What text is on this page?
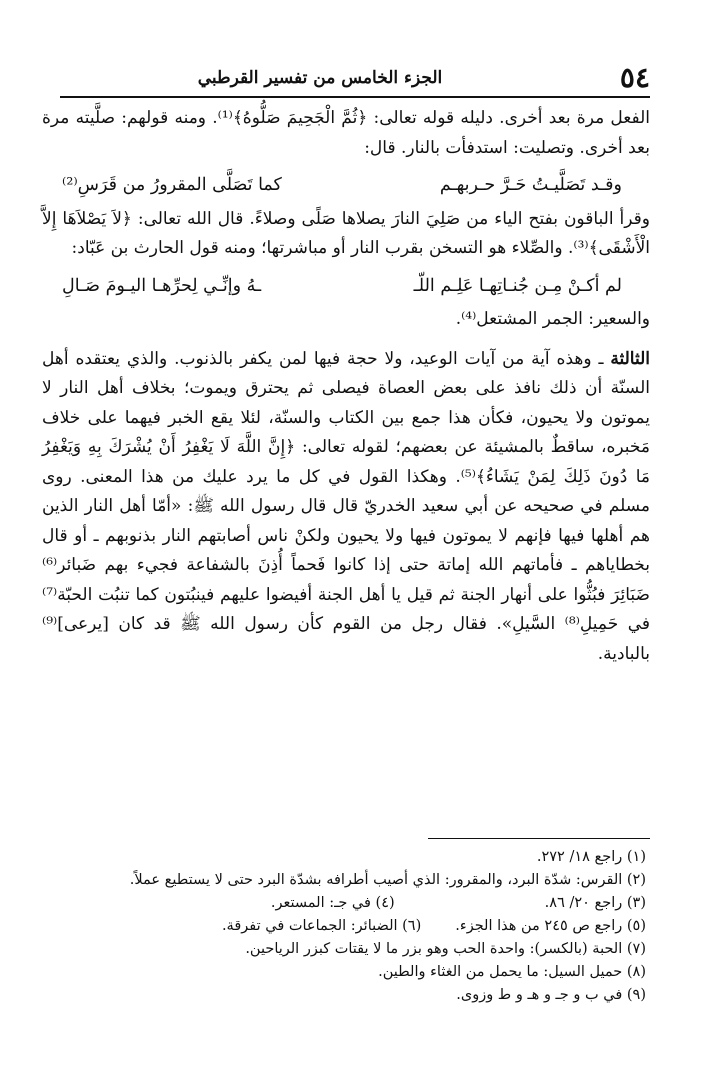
٥٤
الجزء الخامس من تفسير القرطبي

الفعل مرة بعد أخرى. دليله قوله تعالى: ﴿ثُمَّ الْجَحِيمَ صَلُّوهُ﴾⁽¹⁾. ومنه قولهم: صلَّيته مرة بعد أخرى. وتصليت: استدفأت بالنار. قال:

وقـد تَصَلَّيـتُ حَـرَّ حـربهـم
كما تَصَلَّى المقرورُ من قَرَسِ⁽²⁾

وقرأ الباقون بفتح الياء من صَلِيَ النارَ يصلاها صَلًى وصلاءً. قال الله تعالى: ﴿لاَ يَصْلاَهَا إِلاَّ الْأَشْقَى﴾⁽³⁾. والصِّلاء هو التسخن بقرب النار أو مباشرتها؛ ومنه قول الحارث بن عَبّاد:

لم أكـنْ مِـن جُنـاتِهـا عَلِـم اللّـ
ـهُ وإنِّـي لِحرِّهـا اليـومَ صَـالِ

والسعير: الجمر المشتعل⁽⁴⁾.

الثالثة ـ وهذه آية من آيات الوعيد، ولا حجة فيها لمن يكفر بالذنوب. والذي يعتقده أهل السنّة أن ذلك نافذ على بعض العصاة فيصلى ثم يحترق ويموت؛ بخلاف أهل النار لا يموتون ولا يحيون، فكأن هذا جمع بين الكتاب والسنّة، لئلا يقع الخبر فيهما على خلاف مَخبره، ساقطٌ بالمشيئة عن بعضهم؛ لقوله تعالى: ﴿إِنَّ اللَّهَ لَا يَغْفِرُ أَنْ يُشْرَكَ بِهِ وَيَغْفِرُ مَا دُونَ ذَلِكَ لِمَنْ يَشَاءُ﴾⁽⁵⁾. وهكذا القول في كل ما يرد عليك من هذا المعنى. روى مسلم في صحيحه عن أبي سعيد الخدريّ قال قال رسول الله ﷺ: «أمّا أهل النار الذين هم أهلها فيها فإنهم لا يموتون فيها ولا يحيون ولكنْ ناس أصابتهم النار بذنوبهم ـ أو قال بخطاياهم ـ فأماتهم الله إماتة حتى إذا كانوا فَحماً أُذِنَ بالشفاعة فجيء بهم ضَبائر⁽⁶⁾ ضَبَائِرَ فبُثُّوا على أنهار الجنة ثم قيل يا أهل الجنة أفيضوا عليهم فينبُتون كما تنبُت الحبّة⁽⁷⁾ في حَمِيلِ⁽⁸⁾ السَّيلِ». فقال رجل من القوم كأن رسول الله ﷺ قد كان [يرعى]⁽⁹⁾ بالبادية.

(١) راجع ١٨/ ٢٧٢.
(٢) القرس: شدّة البرد، والمقرور: الذي أصيب أطرافه بشدّة البرد حتى لا يستطيع عملاً.
(٣) راجع ٢٠/ ٨٦.
(٤) في جـ: المستعر.
(٥) راجع ص ٢٤٥ من هذا الجزء.
(٦) الضبائر: الجماعات في تفرقة.
(٧) الحبة (بالكسر): واحدة الحب وهو بزر ما لا يقتات كبزر الرياحين.
(٨) حميل السيل: ما يحمل من الغثاء والطين.
(٩) في ب و جـ و هـ و ط وزوى.
